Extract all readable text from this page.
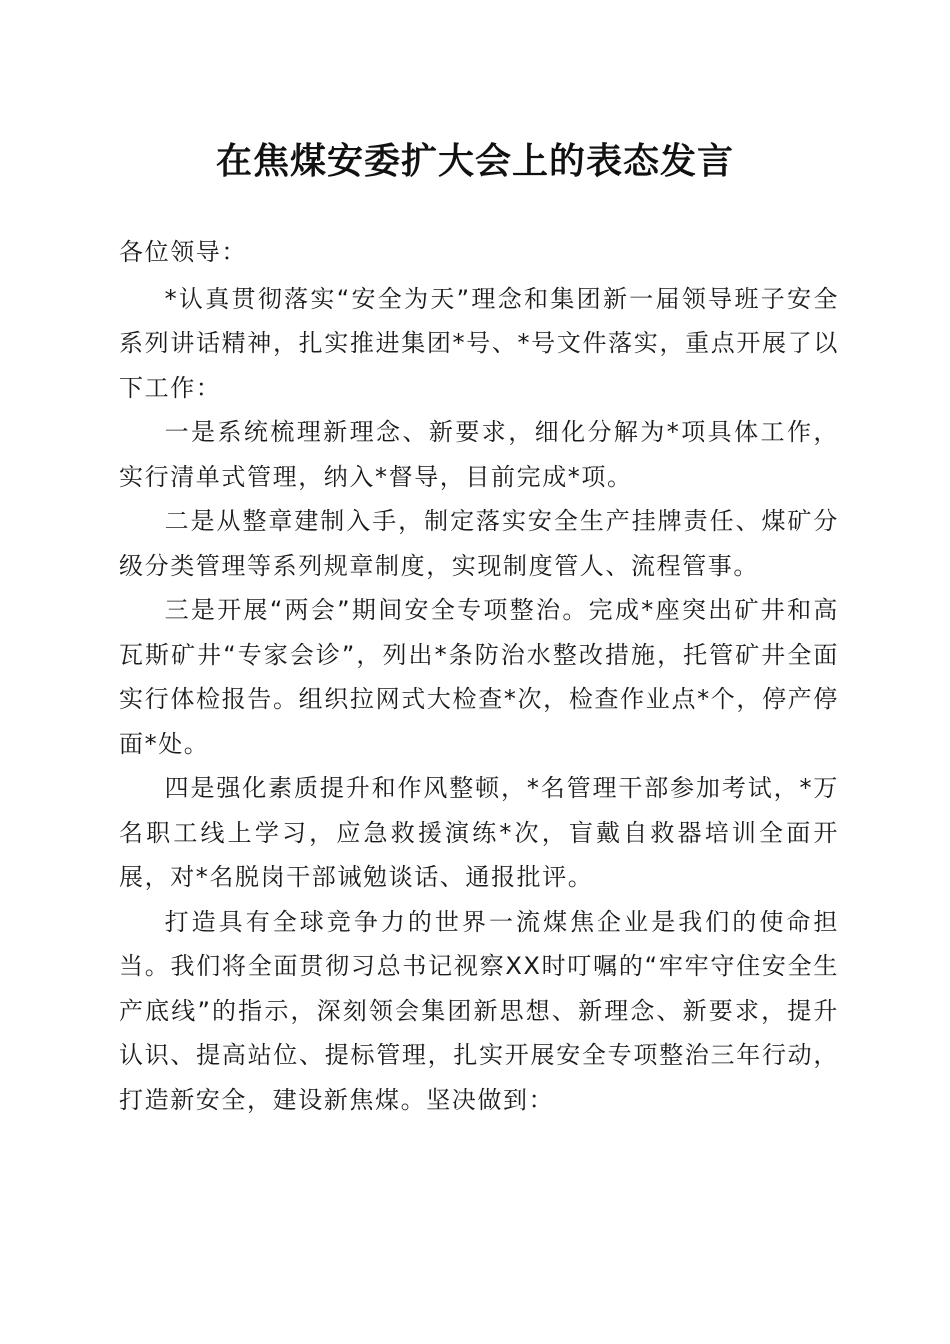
在焦煤安委扩大会上的表态发言

各位领导：

*认真贯彻落实“安全为天”理念和集团新一届领导班子安全系列讲话精神，扎实推进集团*号、*号文件落实，重点开展了以下工作：

一是系统梳理新理念、新要求，细化分解为*项具体工作，实行清单式管理，纳入*督导，目前完成*项。

二是从整章建制入手，制定落实安全生产挂牌责任、煤矿分级分类管理等系列规章制度，实现制度管人、流程管事。

三是开展“两会”期间安全专项整治。完成*座突出矿井和高瓦斯矿井“专家会诊”，列出*条防治水整改措施，托管矿井全面实行体检报告。组织拉网式大检查*次，检查作业点*个，停产停面*处。

四是强化素质提升和作风整顿，*名管理干部参加考试，*万名职工线上学习，应急救援演练*次，盲戴自救器培训全面开展，对*名脱岗干部诫勉谈话、通报批评。

打造具有全球竞争力的世界一流煤焦企业是我们的使命担当。我们将全面贯彻习总书记视察XX时叮嘱的“牢牢守住安全生产底线”的指示，深刻领会集团新思想、新理念、新要求，提升认识、提高站位、提标管理，扎实开展安全专项整治三年行动，打造新安全，建设新焦煤。坚决做到：
